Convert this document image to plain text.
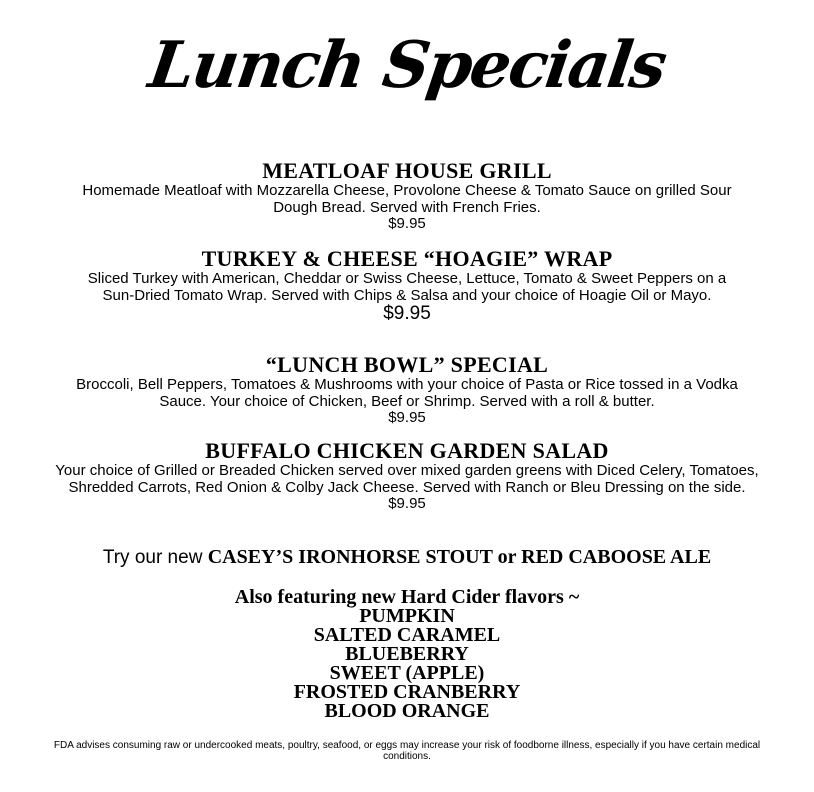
Lunch Specials
MEATLOAF HOUSE GRILL
Homemade Meatloaf with Mozzarella Cheese, Provolone Cheese & Tomato Sauce on grilled Sour Dough Bread. Served with French Fries.
$9.95
TURKEY & CHEESE “HOAGIE” WRAP
Sliced Turkey with American, Cheddar or Swiss Cheese, Lettuce, Tomato & Sweet Peppers on a Sun-Dried Tomato Wrap. Served with Chips & Salsa and your choice of Hoagie Oil or Mayo.
$9.95
“LUNCH BOWL” SPECIAL
Broccoli, Bell Peppers, Tomatoes & Mushrooms with your choice of Pasta or Rice tossed in a Vodka Sauce. Your choice of Chicken, Beef or Shrimp. Served with a roll & butter.
$9.95
BUFFALO CHICKEN GARDEN SALAD
Your choice of Grilled or Breaded Chicken served over mixed garden greens with Diced Celery, Tomatoes, Shredded Carrots, Red Onion & Colby Jack Cheese. Served with Ranch or Bleu Dressing on the side.
$9.95
Try our new CASEY’S IRONHORSE STOUT or RED CABOOSE ALE
Also featuring new Hard Cider flavors ~
PUMPKIN
SALTED CARAMEL
BLUEBERRY
SWEET (APPLE)
FROSTED CRANBERRY
BLOOD ORANGE
FDA advises consuming raw or undercooked meats, poultry, seafood, or eggs may increase your risk of foodborne illness, especially if you have certain medical conditions.
